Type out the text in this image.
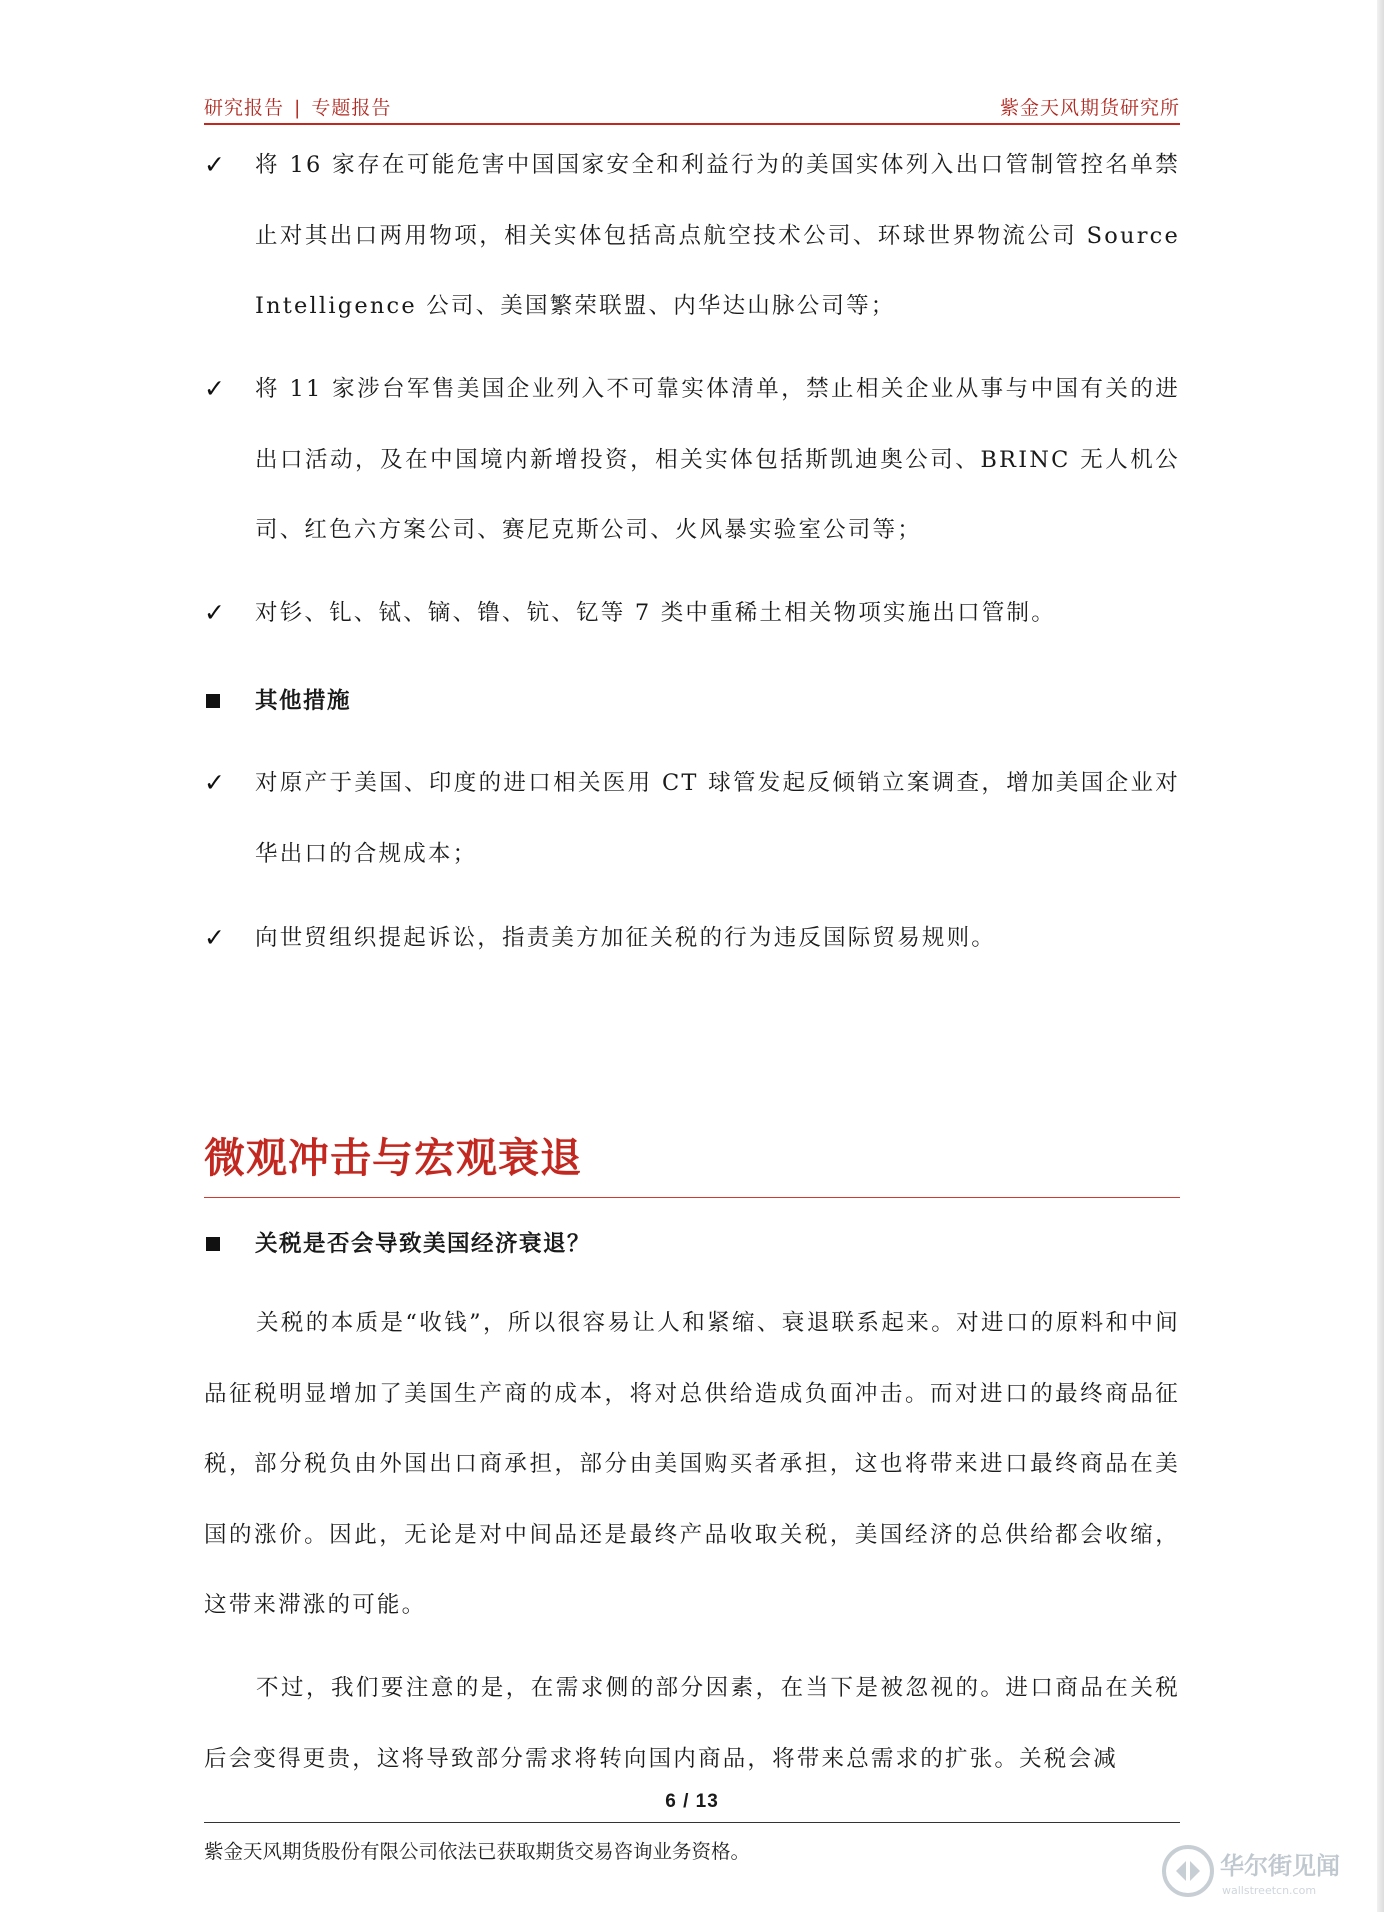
研究报告 | 专题报告	紫金天风期货研究所
✓ 将 16 家存在可能危害中国国家安全和利益行为的美国实体列入出口管制管控名单禁止对其出口两用物项，相关实体包括高点航空技术公司、环球世界物流公司 Source Intelligence 公司、美国繁荣联盟、内华达山脉公司等；
✓ 将 11 家涉台军售美国企业列入不可靠实体清单，禁止相关企业从事与中国有关的进出口活动，及在中国境内新增投资，相关实体包括斯凯迪奥公司、BRINC 无人机公司、红色六方案公司、赛尼克斯公司、火风暴实验室公司等；
✓ 对钐、钆、铽、镝、镥、钪、钇等 7 类中重稀土相关物项实施出口管制。
其他措施
✓ 对原产于美国、印度的进口相关医用 CT 球管发起反倾销立案调查，增加美国企业对华出口的合规成本；
✓ 向世贸组织提起诉讼，指责美方加征关税的行为违反国际贸易规则。
微观冲击与宏观衰退
关税是否会导致美国经济衰退？
关税的本质是“收钱”，所以很容易让人和紧缩、衰退联系起来。对进口的原料和中间品征税明显增加了美国生产商的成本，将对总供给造成负面冲击。而对进口的最终商品征税，部分税负由外国出口商承担，部分由美国购买者承担，这也将带来进口最终商品在美国的涨价。因此，无论是对中间品还是最终产品收取关税，美国经济的总供给都会收缩，这带来滞涨的可能。
不过，我们要注意的是，在需求侧的部分因素，在当下是被忽视的。进口商品在关税后会变得更贵，这将导致部分需求将转向国内商品，将带来总需求的扩张。关税会减
6 / 13
紫金天风期货股份有限公司依法已获取期货交易咨询业务资格。
华尔街见闻
wallstreetcn.com
